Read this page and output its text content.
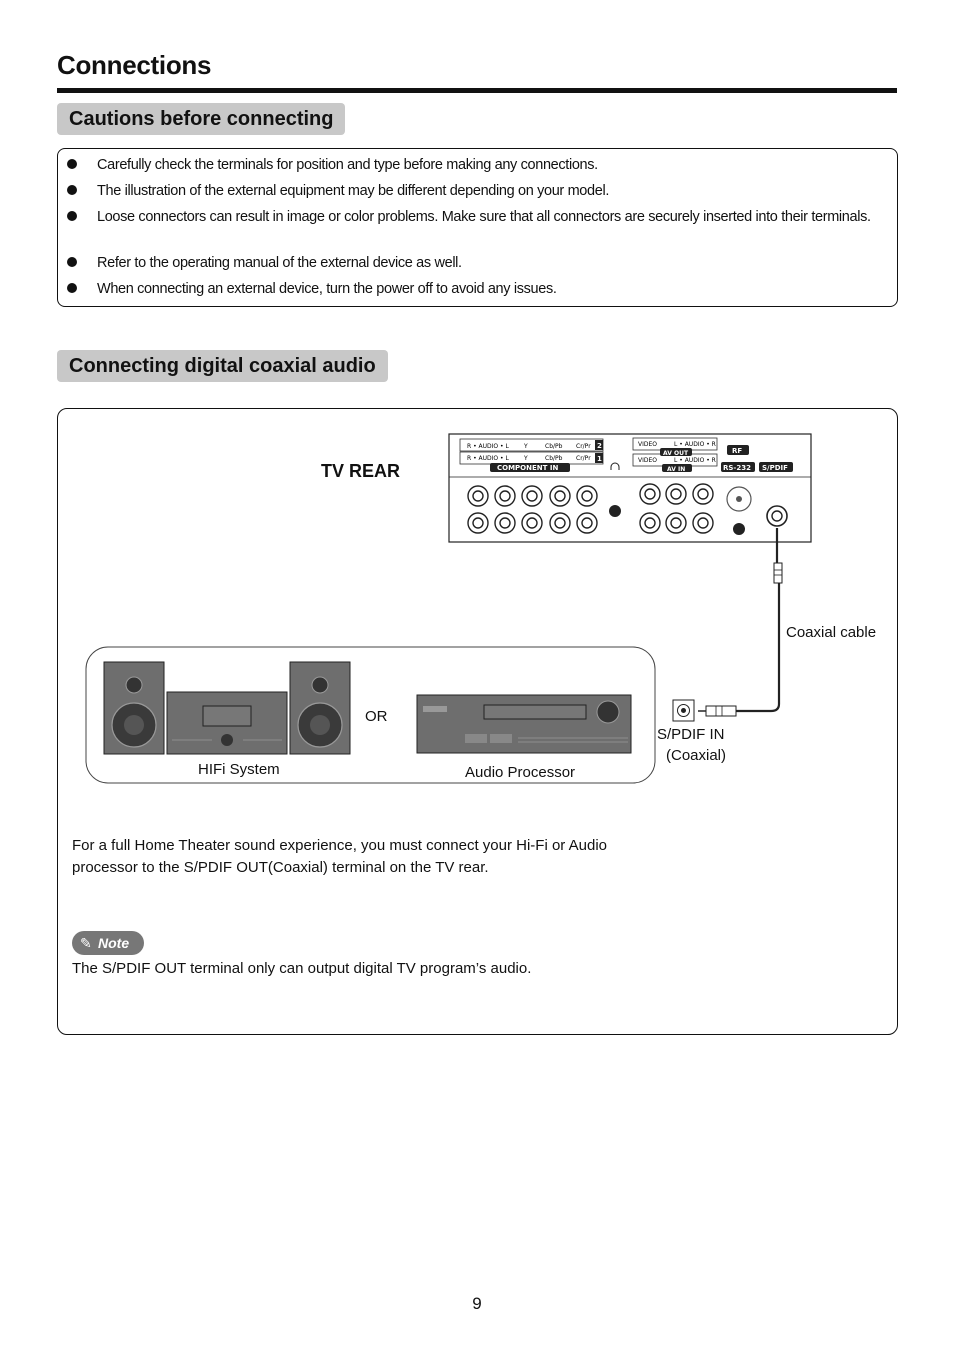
Connections
Cautions before connecting
Carefully check the terminals for position and type before making any connections.
The illustration of the external equipment may be different depending on your model.
Loose connectors can result in image or color problems. Make sure that all connectors are securely inserted into their terminals.
Refer to the operating manual of the external device as well.
When connecting an external device, turn the power off to avoid any issues.
Connecting digital coaxial audio
R • AUDIO • L
R • AUDIO • L
Y
Y
Cb/Pb
Cb/Pb
Cr/Pr
Cr/Pr
2
1
COMPONENT IN
VIDEO
VIDEO
L • AUDIO • R
L • AUDIO • R
AV OUT
AV IN
RF
RS-232 S/PDIF
TV REAR
Coaxial cable
OR
HIFi System	Audio Processor
S/PDIF IN
(Coaxial)
For a full Home Theater sound experience, you must connect your Hi-Fi or Audio processor to the S/PDIF OUT(Coaxial) terminal on the TV rear.
✎ Note
The S/PDIF OUT terminal only can output digital TV program’s audio.
9
